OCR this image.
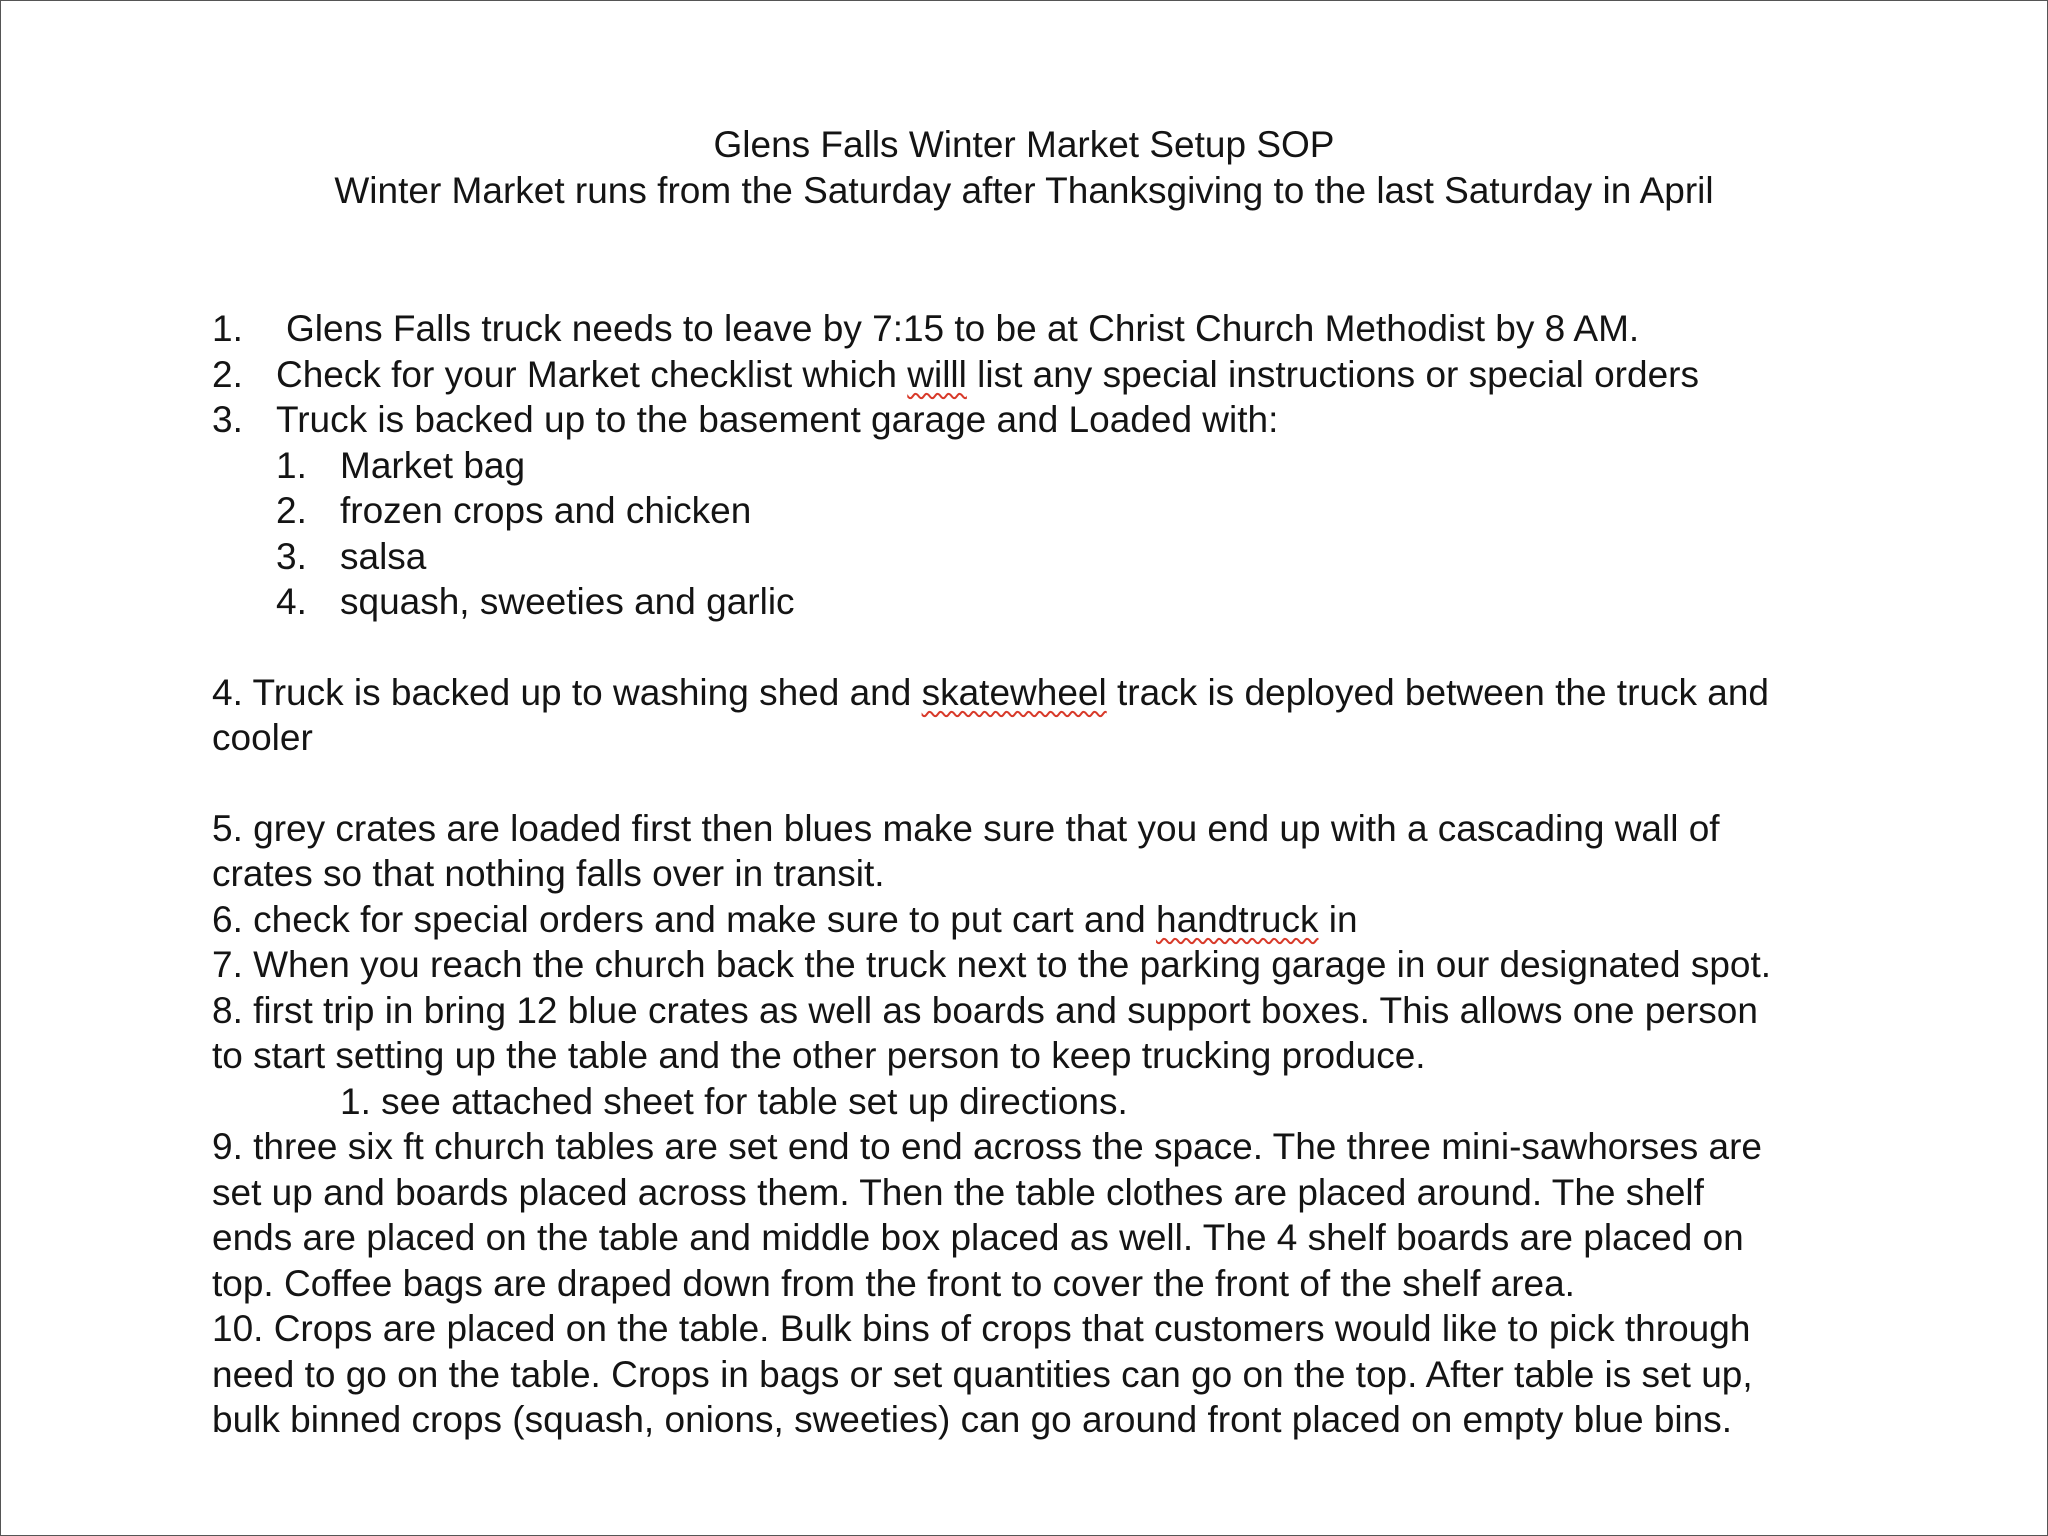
Glens Falls Winter Market Setup SOP
Winter Market runs from the Saturday after Thanksgiving to the last Saturday in April
1. Glens Falls truck needs to leave by 7:15 to be at Christ Church Methodist by 8 AM.
2. Check for your Market checklist which willl list any special instructions or special orders
3. Truck is backed up to the basement garage and Loaded with:
1. Market bag
2. frozen crops and chicken
3. salsa
4. squash, sweeties and garlic
4. Truck is backed up to washing shed and skatewheel track is deployed between the truck and
cooler
5. grey crates are loaded first then blues make sure that you end up with a cascading wall of
crates so that nothing falls over in transit.
6. check for special orders and make sure to put cart and handtruck in
7. When you reach the church back the truck next to the parking garage in our designated spot.
8. first trip in bring 12 blue crates as well as boards and support boxes. This allows one person
to start setting up the table and the other person to keep trucking produce.
1. see attached sheet for table set up directions.
9. three six ft church tables are set end to end across the space. The three mini-sawhorses are
set up and boards placed across them. Then the table clothes are placed around. The shelf
ends are placed on the table and middle box placed as well. The 4 shelf boards are placed on
top. Coffee bags are draped down from the front to cover the front of the shelf area.
10. Crops are placed on the table. Bulk bins of crops that customers would like to pick through
need to go on the table. Crops in bags or set quantities can go on the top. After table is set up,
bulk binned crops (squash, onions, sweeties) can go around front placed on empty blue bins.
